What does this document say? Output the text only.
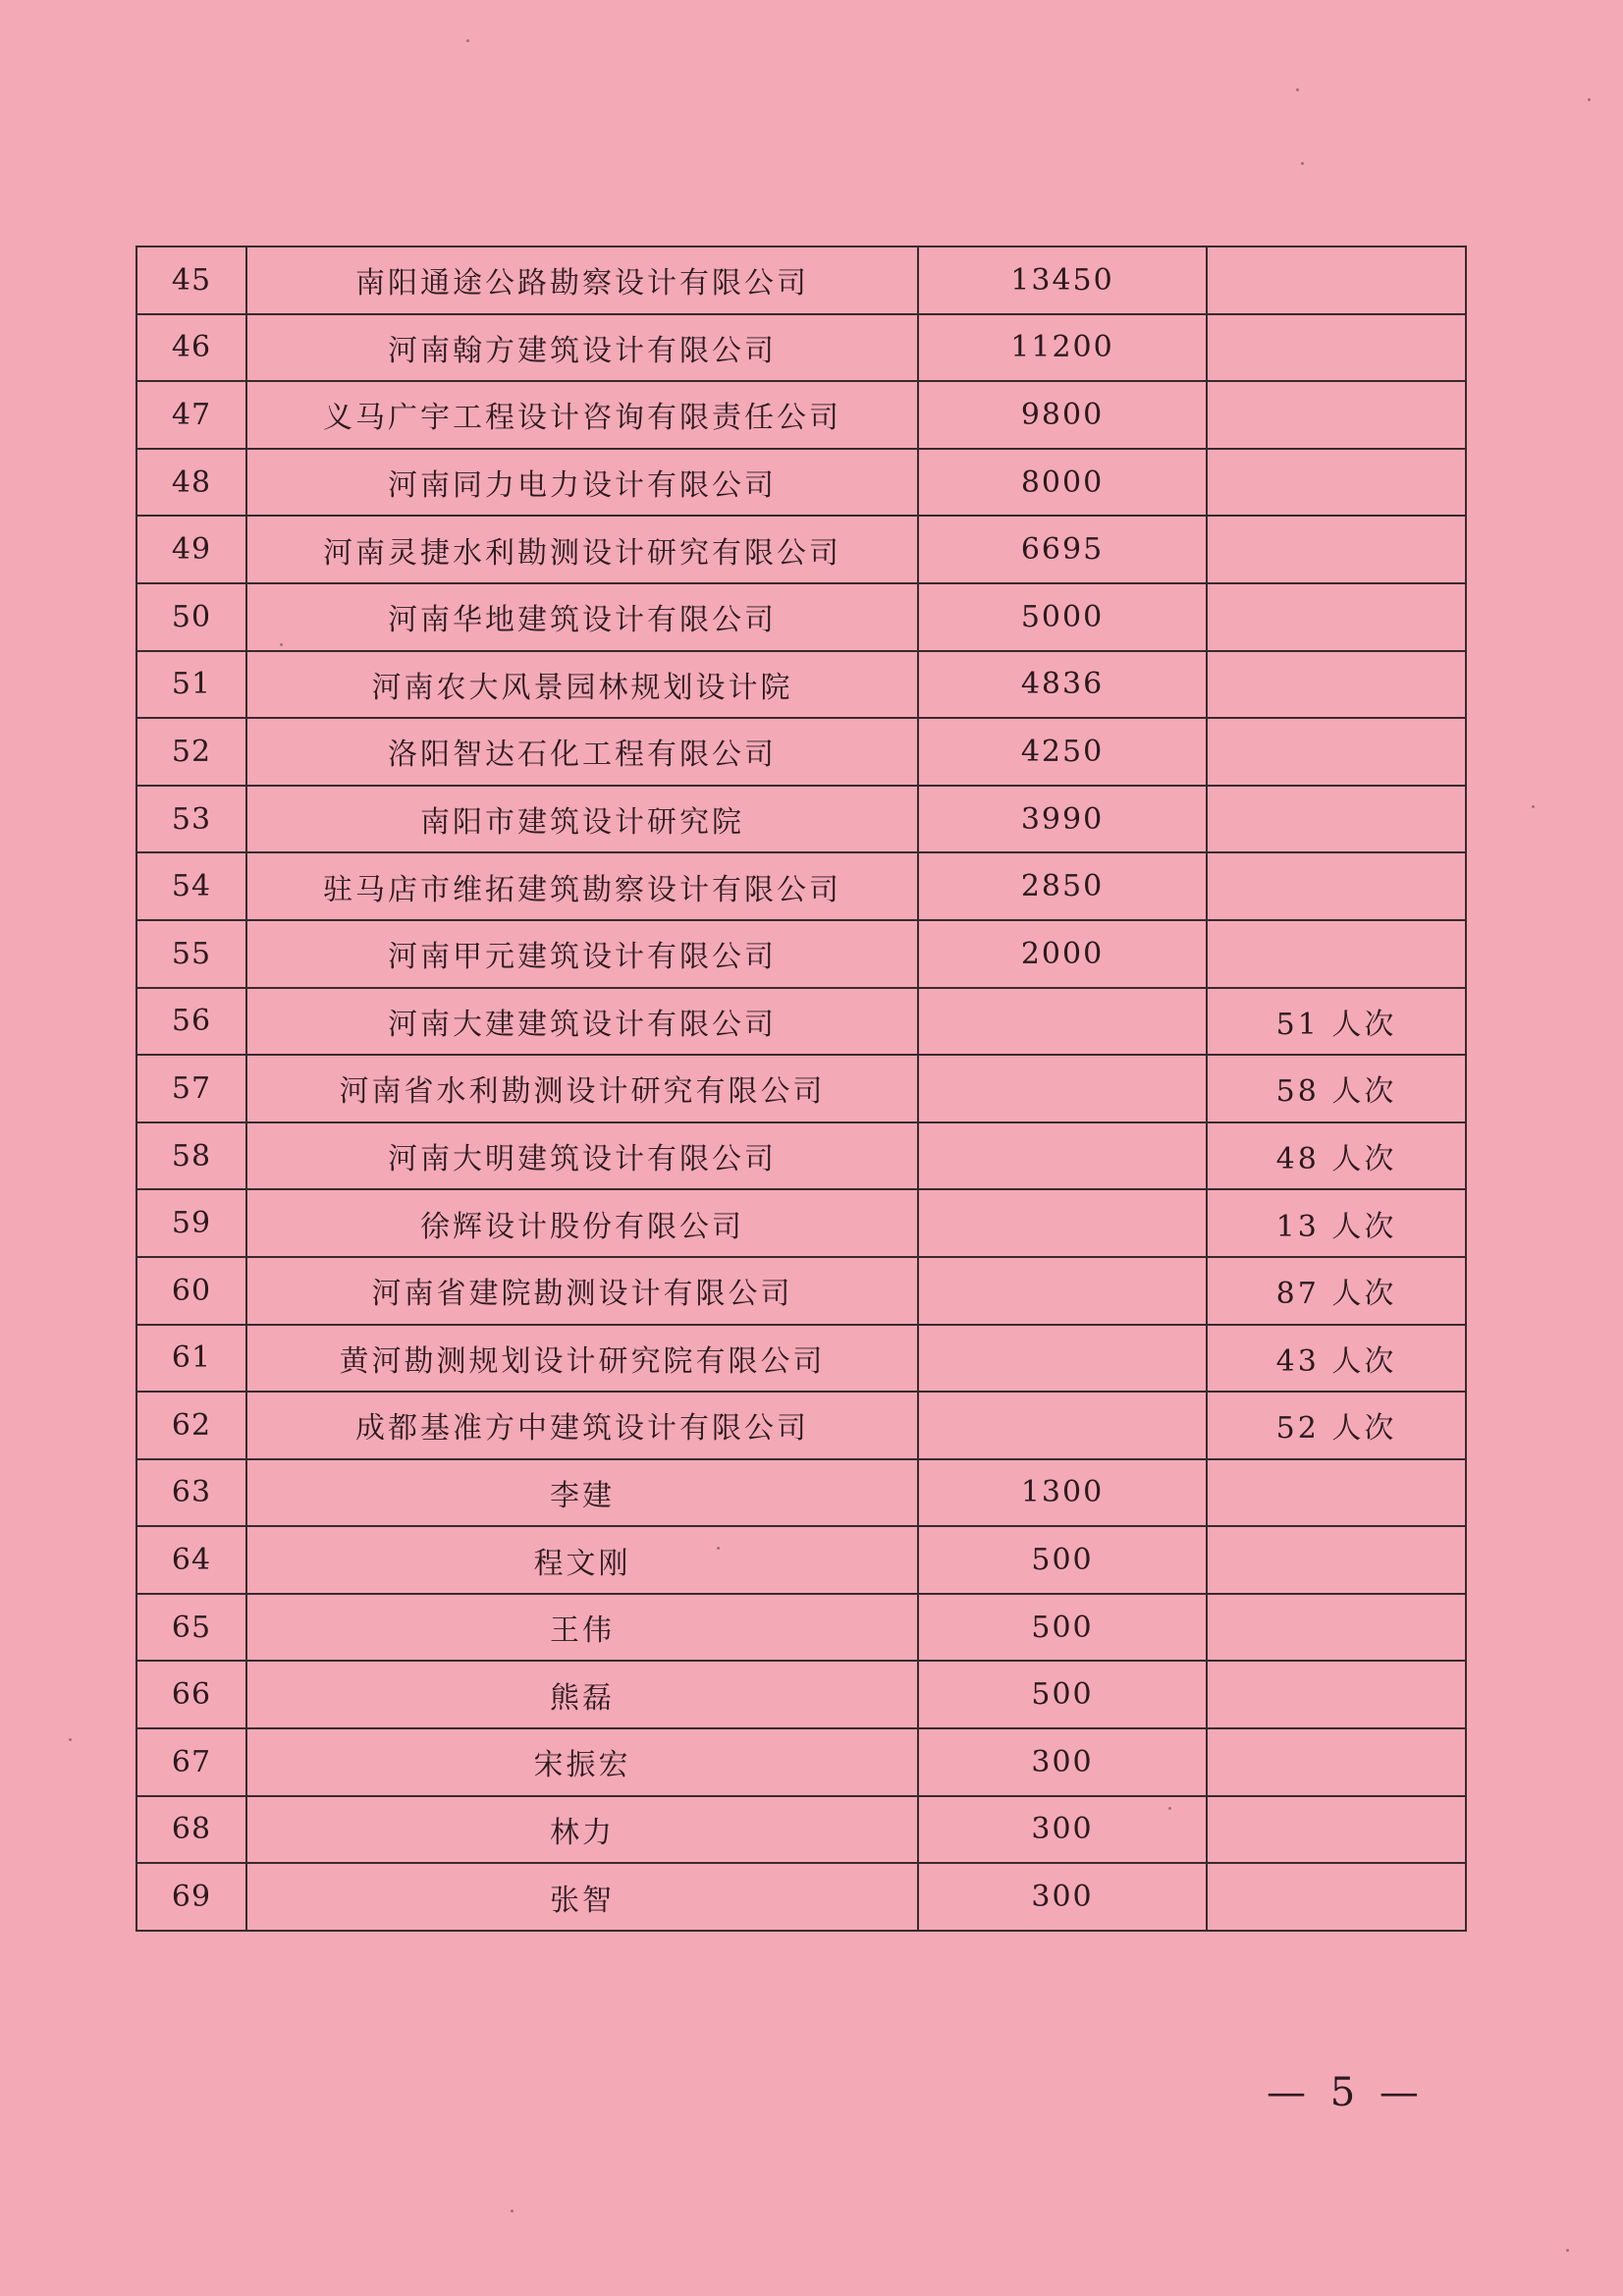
45	南阳通途公路勘察设计有限公司	13450	
46	河南翰方建筑设计有限公司	11200	
47	义马广宇工程设计咨询有限责任公司	9800	
48	河南同力电力设计有限公司	8000	
49	河南灵捷水利勘测设计研究有限公司	6695	
50	河南华地建筑设计有限公司	5000	
51	河南农大风景园林规划设计院	4836	
52	洛阳智达石化工程有限公司	4250	
53	南阳市建筑设计研究院	3990	
54	驻马店市维拓建筑勘察设计有限公司	2850	
55	河南甲元建筑设计有限公司	2000	
56	河南大建建筑设计有限公司		51 人次
57	河南省水利勘测设计研究有限公司		58 人次
58	河南大明建筑设计有限公司		48 人次
59	徐辉设计股份有限公司		13 人次
60	河南省建院勘测设计有限公司		87 人次
61	黄河勘测规划设计研究院有限公司		43 人次
62	成都基准方中建筑设计有限公司		52 人次
63	李建	1300	
64	程文刚	500	
65	王伟	500	
66	熊磊	500	
67	宋振宏	300	
68	林力	300	
69	张智	300	
— 5 —
